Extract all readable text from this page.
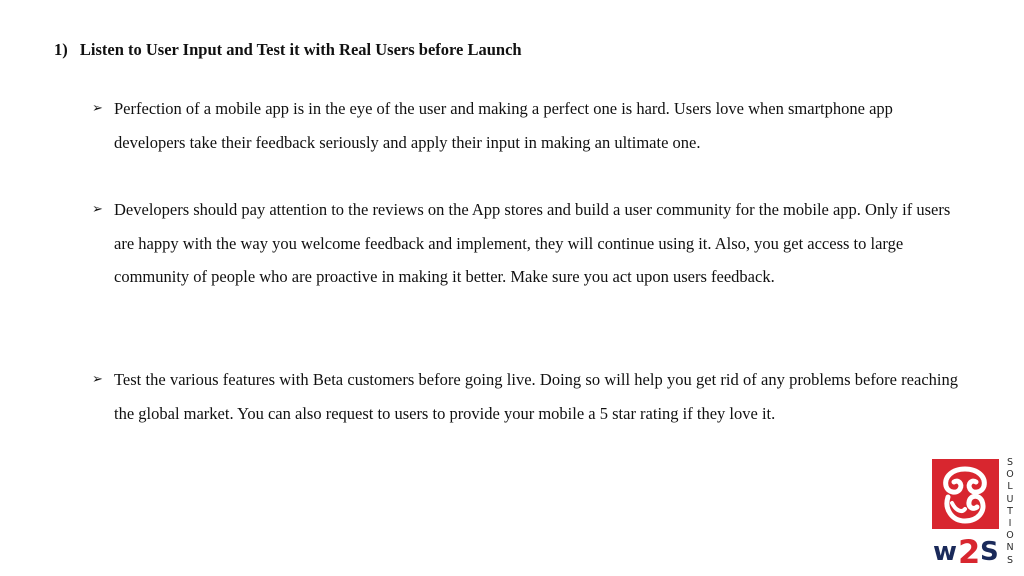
1) Listen to User Input and Test it with Real Users before Launch
➢ Perfection of a mobile app is in the eye of the user and making a perfect one is hard. Users love when smartphone app developers take their feedback seriously and apply their input in making an ultimate one.
➢ Developers should pay attention to the reviews on the App stores and build a user community for the mobile app. Only if users are happy with the way you welcome feedback and implement, they will continue using it. Also, you get access to large community of people who are proactive in making it better. Make sure you act upon users feedback.
➢ Test the various features with Beta customers before going live. Doing so will help you get rid of any problems before reaching the global market. You can also request to users to provide your mobile a 5 star rating if they love it.
w 2 S
S
O
L
U
T
I
O
N
S
